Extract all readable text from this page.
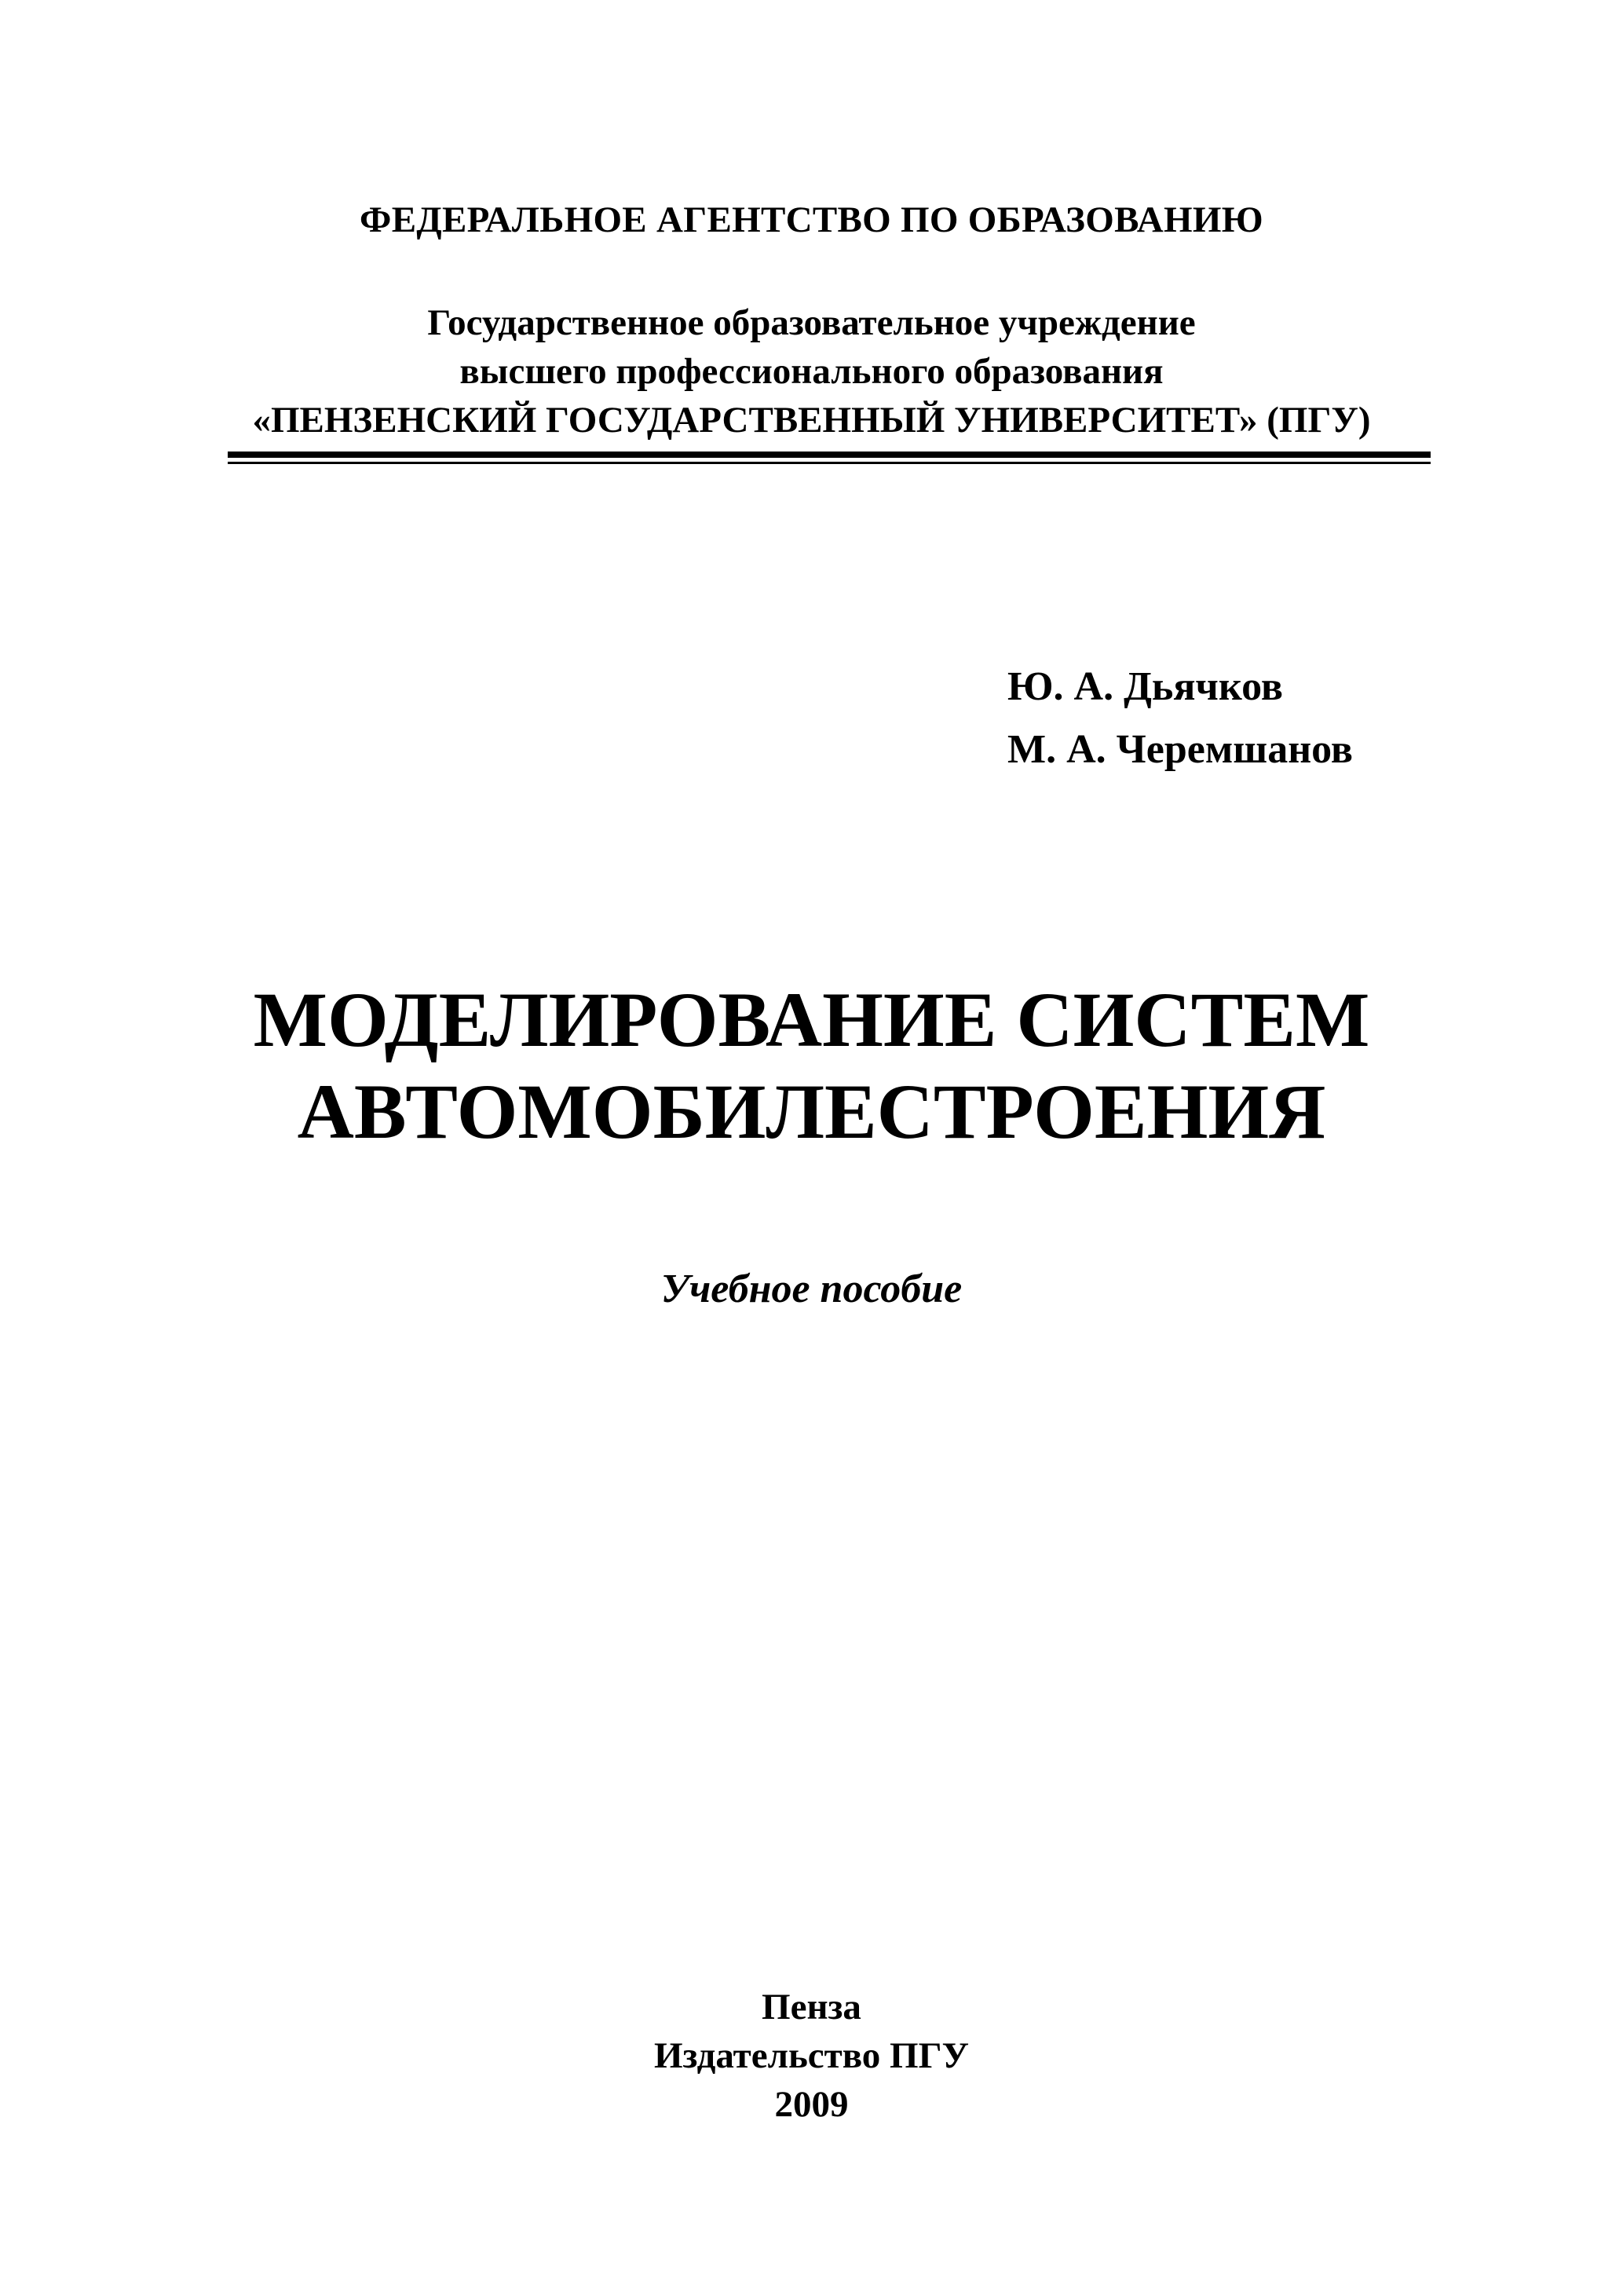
ФЕДЕРАЛЬНОЕ АГЕНТСТВО ПО ОБРАЗОВАНИЮ
Государственное образовательное учреждение
высшего профессионального образования
«ПЕНЗЕНСКИЙ ГОСУДАРСТВЕННЫЙ УНИВЕРСИТЕТ» (ПГУ)
Ю. А. Дьячков
М. А. Черемшанов
МОДЕЛИРОВАНИЕ СИСТЕМ
АВТОМОБИЛЕСТРОЕНИЯ
Учебное пособие
Пенза
Издательство ПГУ
2009
